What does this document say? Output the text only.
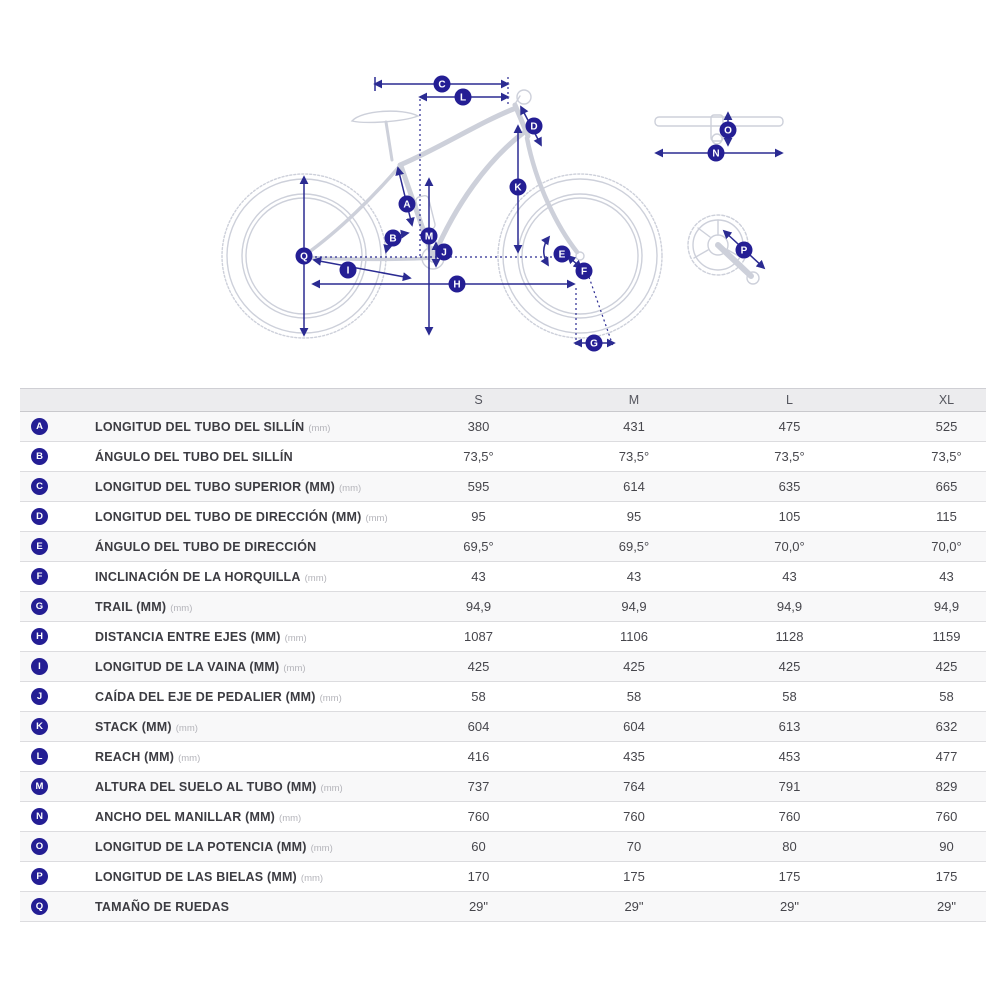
A
B
C
D
E
F
G
H
I
J
K
L
M
N
O
P
Q
S	M	L	XL
A	LONGITUD DEL TUBO DEL SILLÍN (mm)	380	431	475	525
B	ÁNGULO DEL TUBO DEL SILLÍN	73,5°	73,5°	73,5°	73,5°
C	LONGITUD DEL TUBO SUPERIOR (MM) (mm)	595	614	635	665
D	LONGITUD DEL TUBO DE DIRECCIÓN (MM) (mm)	95	95	105	115
E	ÁNGULO DEL TUBO DE DIRECCIÓN	69,5°	69,5°	70,0°	70,0°
F	INCLINACIÓN DE LA HORQUILLA (mm)	43	43	43	43
G	TRAIL (MM) (mm)	94,9	94,9	94,9	94,9
H	DISTANCIA ENTRE EJES (MM) (mm)	1087	1106	1128	1159
I	LONGITUD DE LA VAINA (MM) (mm)	425	425	425	425
J	CAÍDA DEL EJE DE PEDALIER (MM) (mm)	58	58	58	58
K	STACK (MM) (mm)	604	604	613	632
L	REACH (MM) (mm)	416	435	453	477
M	ALTURA DEL SUELO AL TUBO (MM) (mm)	737	764	791	829
N	ANCHO DEL MANILLAR (MM) (mm)	760	760	760	760
O	LONGITUD DE LA POTENCIA (MM) (mm)	60	70	80	90
P	LONGITUD DE LAS BIELAS (MM) (mm)	170	175	175	175
Q	TAMAÑO DE RUEDAS	29"	29"	29"	29"
